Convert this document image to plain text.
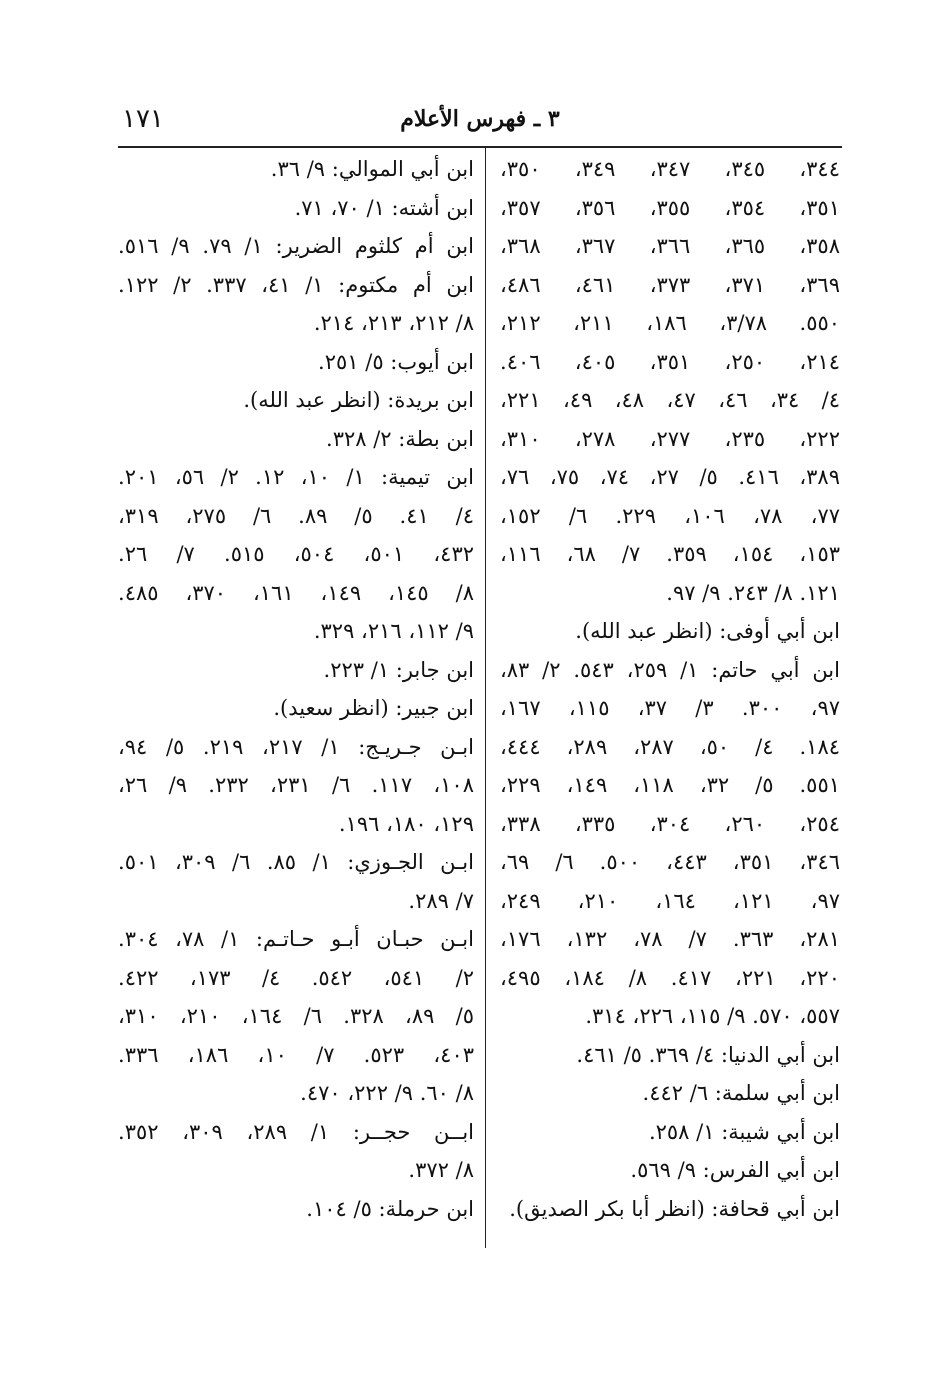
١٧١	٣ ـ فهرس الأعلام
٣٤٤، ٣٤٥، ٣٤٧، ٣٤٩، ٣٥٠،
٣٥١، ٣٥٤، ٣٥٥، ٣٥٦، ٣٥٧،
٣٥٨، ٣٦٥، ٣٦٦، ٣٦٧، ٣٦٨،
٣٦٩، ٣٧١، ٣٧٣، ٤٦١، ٤٨٦،
٥٥٠. ٣/٧٨، ١٨٦، ٢١١، ٢١٢،
٢١٤، ٢٥٠، ٣٥١، ٤٠٥، ٤٠٦.
٤/ ٣٤، ٤٦، ٤٧، ٤٨، ٤٩، ٢٢١،
٢٢٢، ٢٣٥، ٢٧٧، ٢٧٨، ٣١٠،
٣٨٩، ٤١٦. ٥/ ٢٧، ٧٤، ٧٥، ٧٦،
٧٧، ٧٨، ١٠٦، ٢٢٩. ٦/ ١٥٢،
١٥٣، ١٥٤، ٣٥٩. ٧/ ٦٨، ١١٦،
١٢١. ٨/ ٢٤٣. ٩/ ٩٧.
ابن أبي أوفى: (انظر عبد الله).
ابن أبي حاتم: ١/ ٢٥٩، ٥٤٣. ٢/ ٨٣،
٩٧، ٣٠٠. ٣/ ٣٧، ١١٥، ١٦٧،
١٨٤. ٤/ ٥٠، ٢٨٧، ٢٨٩، ٤٤٤،
٥٥١. ٥/ ٣٢، ١١٨، ١٤٩، ٢٢٩،
٢٥٤، ٢٦٠، ٣٠٤، ٣٣٥، ٣٣٨،
٣٤٦، ٣٥١، ٤٤٣، ٥٠٠. ٦/ ٦٩،
٩٧، ١٢١، ١٦٤، ٢١٠، ٢٤٩،
٢٨١، ٣٦٣. ٧/ ٧٨، ١٣٢، ١٧٦،
٢٢٠، ٢٢١، ٤١٧. ٨/ ١٨٤، ٤٩٥،
٥٥٧، ٥٧٠. ٩/ ١١٥، ٢٢٦، ٣١٤.
ابن أبي الدنيا: ٤/ ٣٦٩. ٥/ ٤٦١.
ابن أبي سلمة: ٦/ ٤٤٢.
ابن أبي شيبة: ١/ ٢٥٨.
ابن أبي الفرس: ٩/ ٥٦٩.
ابن أبي قحافة: (انظر أبا بكر الصديق).
ابن أبي الموالي: ٩/ ٣٦.
ابن أشته: ١/ ٧٠، ٧١.
ابن أم كلثوم الضرير: ١/ ٧٩. ٩/ ٥١٦.
ابن أم مكتوم: ١/ ٤١، ٣٣٧. ٢/ ١٢٢.
٨/ ٢١٢، ٢١٣، ٢١٤.
ابن أيوب: ٥/ ٢٥١.
ابن بريدة: (انظر عبد الله).
ابن بطة: ٢/ ٣٢٨.
ابن تيمية: ١/ ١٠، ١٢. ٢/ ٥٦، ٢٠١.
٤/ ٤١. ٥/ ٨٩. ٦/ ٢٧٥، ٣١٩،
٤٣٢، ٥٠١، ٥٠٤، ٥١٥. ٧/ ٢٦.
٨/ ١٤٥، ١٤٩، ١٦١، ٣٧٠، ٤٨٥.
٩/ ١١٢، ٢١٦، ٣٢٩.
ابن جابر: ١/ ٢٢٣.
ابن جبير: (انظر سعيد).
ابـن جـريـج: ١/ ٢١٧، ٢١٩. ٥/ ٩٤،
١٠٨، ١١٧. ٦/ ٢٣١، ٢٣٢. ٩/ ٢٦،
١٢٩، ١٨٠، ١٩٦.
ابـن الجـوزي: ١/ ٨٥. ٦/ ٣٠٩، ٥٠١.
٧/ ٢٨٩.
ابـن حبـان أبـو حـاتـم: ١/ ٧٨، ٣٠٤.
٢/ ٥٤١، ٥٤٢. ٤/ ١٧٣، ٤٢٢.
٥/ ٨٩، ٣٢٨. ٦/ ١٦٤، ٢١٠، ٣١٠،
٤٠٣، ٥٢٣. ٧/ ١٠، ١٨٦، ٣٣٦.
٨/ ٦٠. ٩/ ٢٢٢، ٤٧٠.
ابــن حجــر: ١/ ٢٨٩، ٣٠٩، ٣٥٢.
٨/ ٣٧٢.
ابن حرملة: ٥/ ١٠٤.
